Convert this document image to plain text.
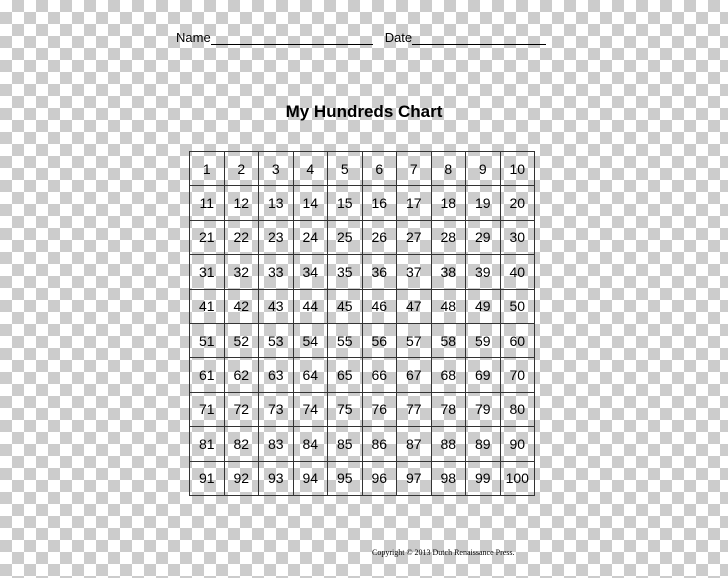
Name	Date
My Hundreds Chart
1	2	3	4	5	6	7	8	9	10
11	12	13	14	15	16	17	18	19	20
21	22	23	24	25	26	27	28	29	30
31	32	33	34	35	36	37	38	39	40
41	42	43	44	45	46	47	48	49	50
51	52	53	54	55	56	57	58	59	60
61	62	63	64	65	66	67	68	69	70
71	72	73	74	75	76	77	78	79	80
81	82	83	84	85	86	87	88	89	90
91	92	93	94	95	96	97	98	99	100
Copyright © 2013 Dutch Renaissance Press.
